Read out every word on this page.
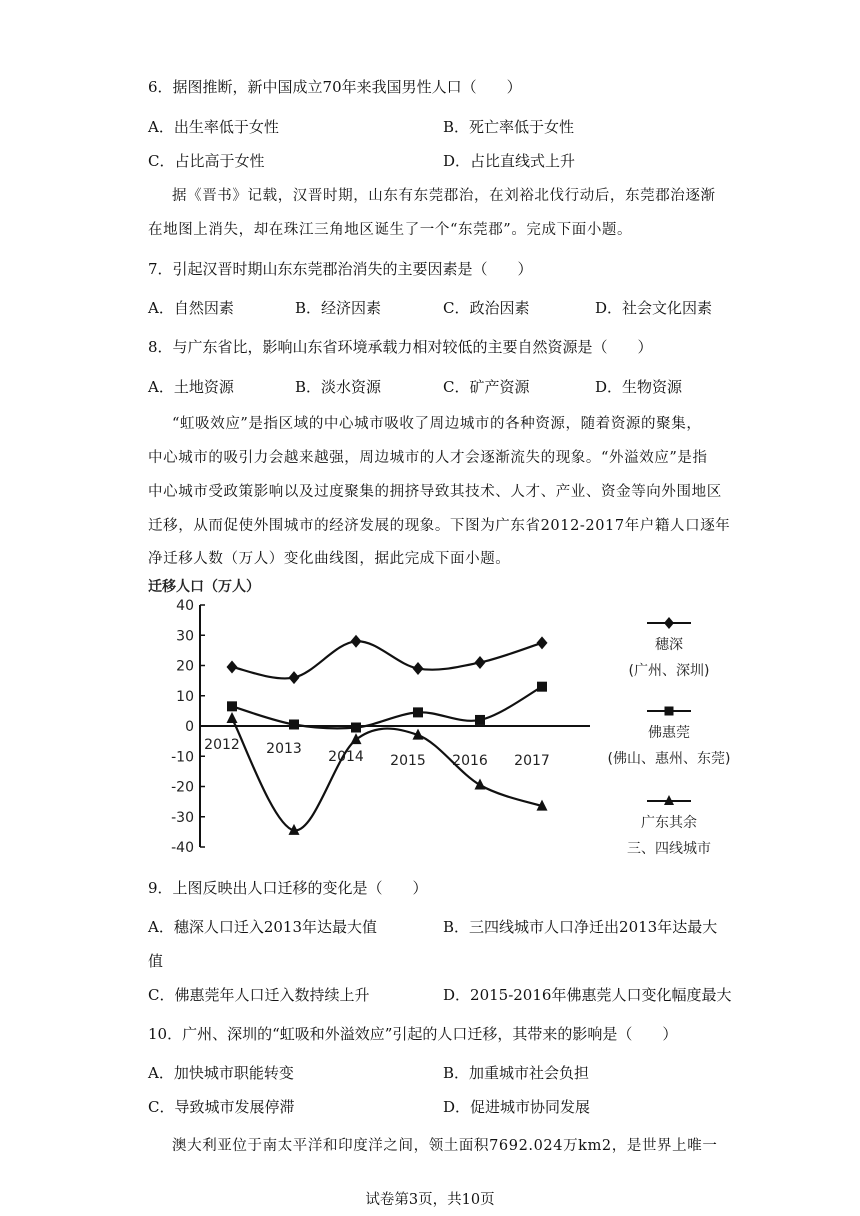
6．据图推断，新中国成立70年来我国男性人口（　　）
A．出生率低于女性	B．死亡率低于女性
C．占比高于女性	D．占比直线式上升
据《晋书》记载，汉晋时期，山东有东莞郡治，在刘裕北伐行动后，东莞郡治逐渐
在地图上消失，却在珠江三角地区诞生了一个“东莞郡”。完成下面小题。
7．引起汉晋时期山东东莞郡治消失的主要因素是（　　）
A．自然因素	B．经济因素	C．政治因素	D．社会文化因素
8．与广东省比，影响山东省环境承载力相对较低的主要自然资源是（　　）
A．土地资源	B．淡水资源	C．矿产资源	D．生物资源
“虹吸效应”是指区域的中心城市吸收了周边城市的各种资源，随着资源的聚集，
中心城市的吸引力会越来越强，周边城市的人才会逐渐流失的现象。“外溢效应”是指
中心城市受政策影响以及过度聚集的拥挤导致其技术、人才、产业、资金等向外围地区
迁移，从而促使外围城市的经济发展的现象。下图为广东省2012-2017年户籍人口逐年
净迁移人数（万人）变化曲线图，据此完成下面小题。
迁移人口（万人）
40
30
20
10
0
-10
-20
-30
-40
2012 2013 2014 2015 2016 2017
穗深
(广州、深圳)
佛惠莞
(佛山、惠州、东莞)
广东其余
三、四线城市
9．上图反映出人口迁移的变化是（　　）
A．穗深人口迁入2013年达最大值	B．三四线城市人口净迁出2013年达最大
值
C．佛惠莞年人口迁入数持续上升	D．2015-2016年佛惠莞人口变化幅度最大
10．广州、深圳的“虹吸和外溢效应”引起的人口迁移，其带来的影响是（　　）
A．加快城市职能转变	B．加重城市社会负担
C．导致城市发展停滞	D．促进城市协同发展
澳大利亚位于南太平洋和印度洋之间，领土面积7692.024万km2，是世界上唯一
试卷第3页，共10页
